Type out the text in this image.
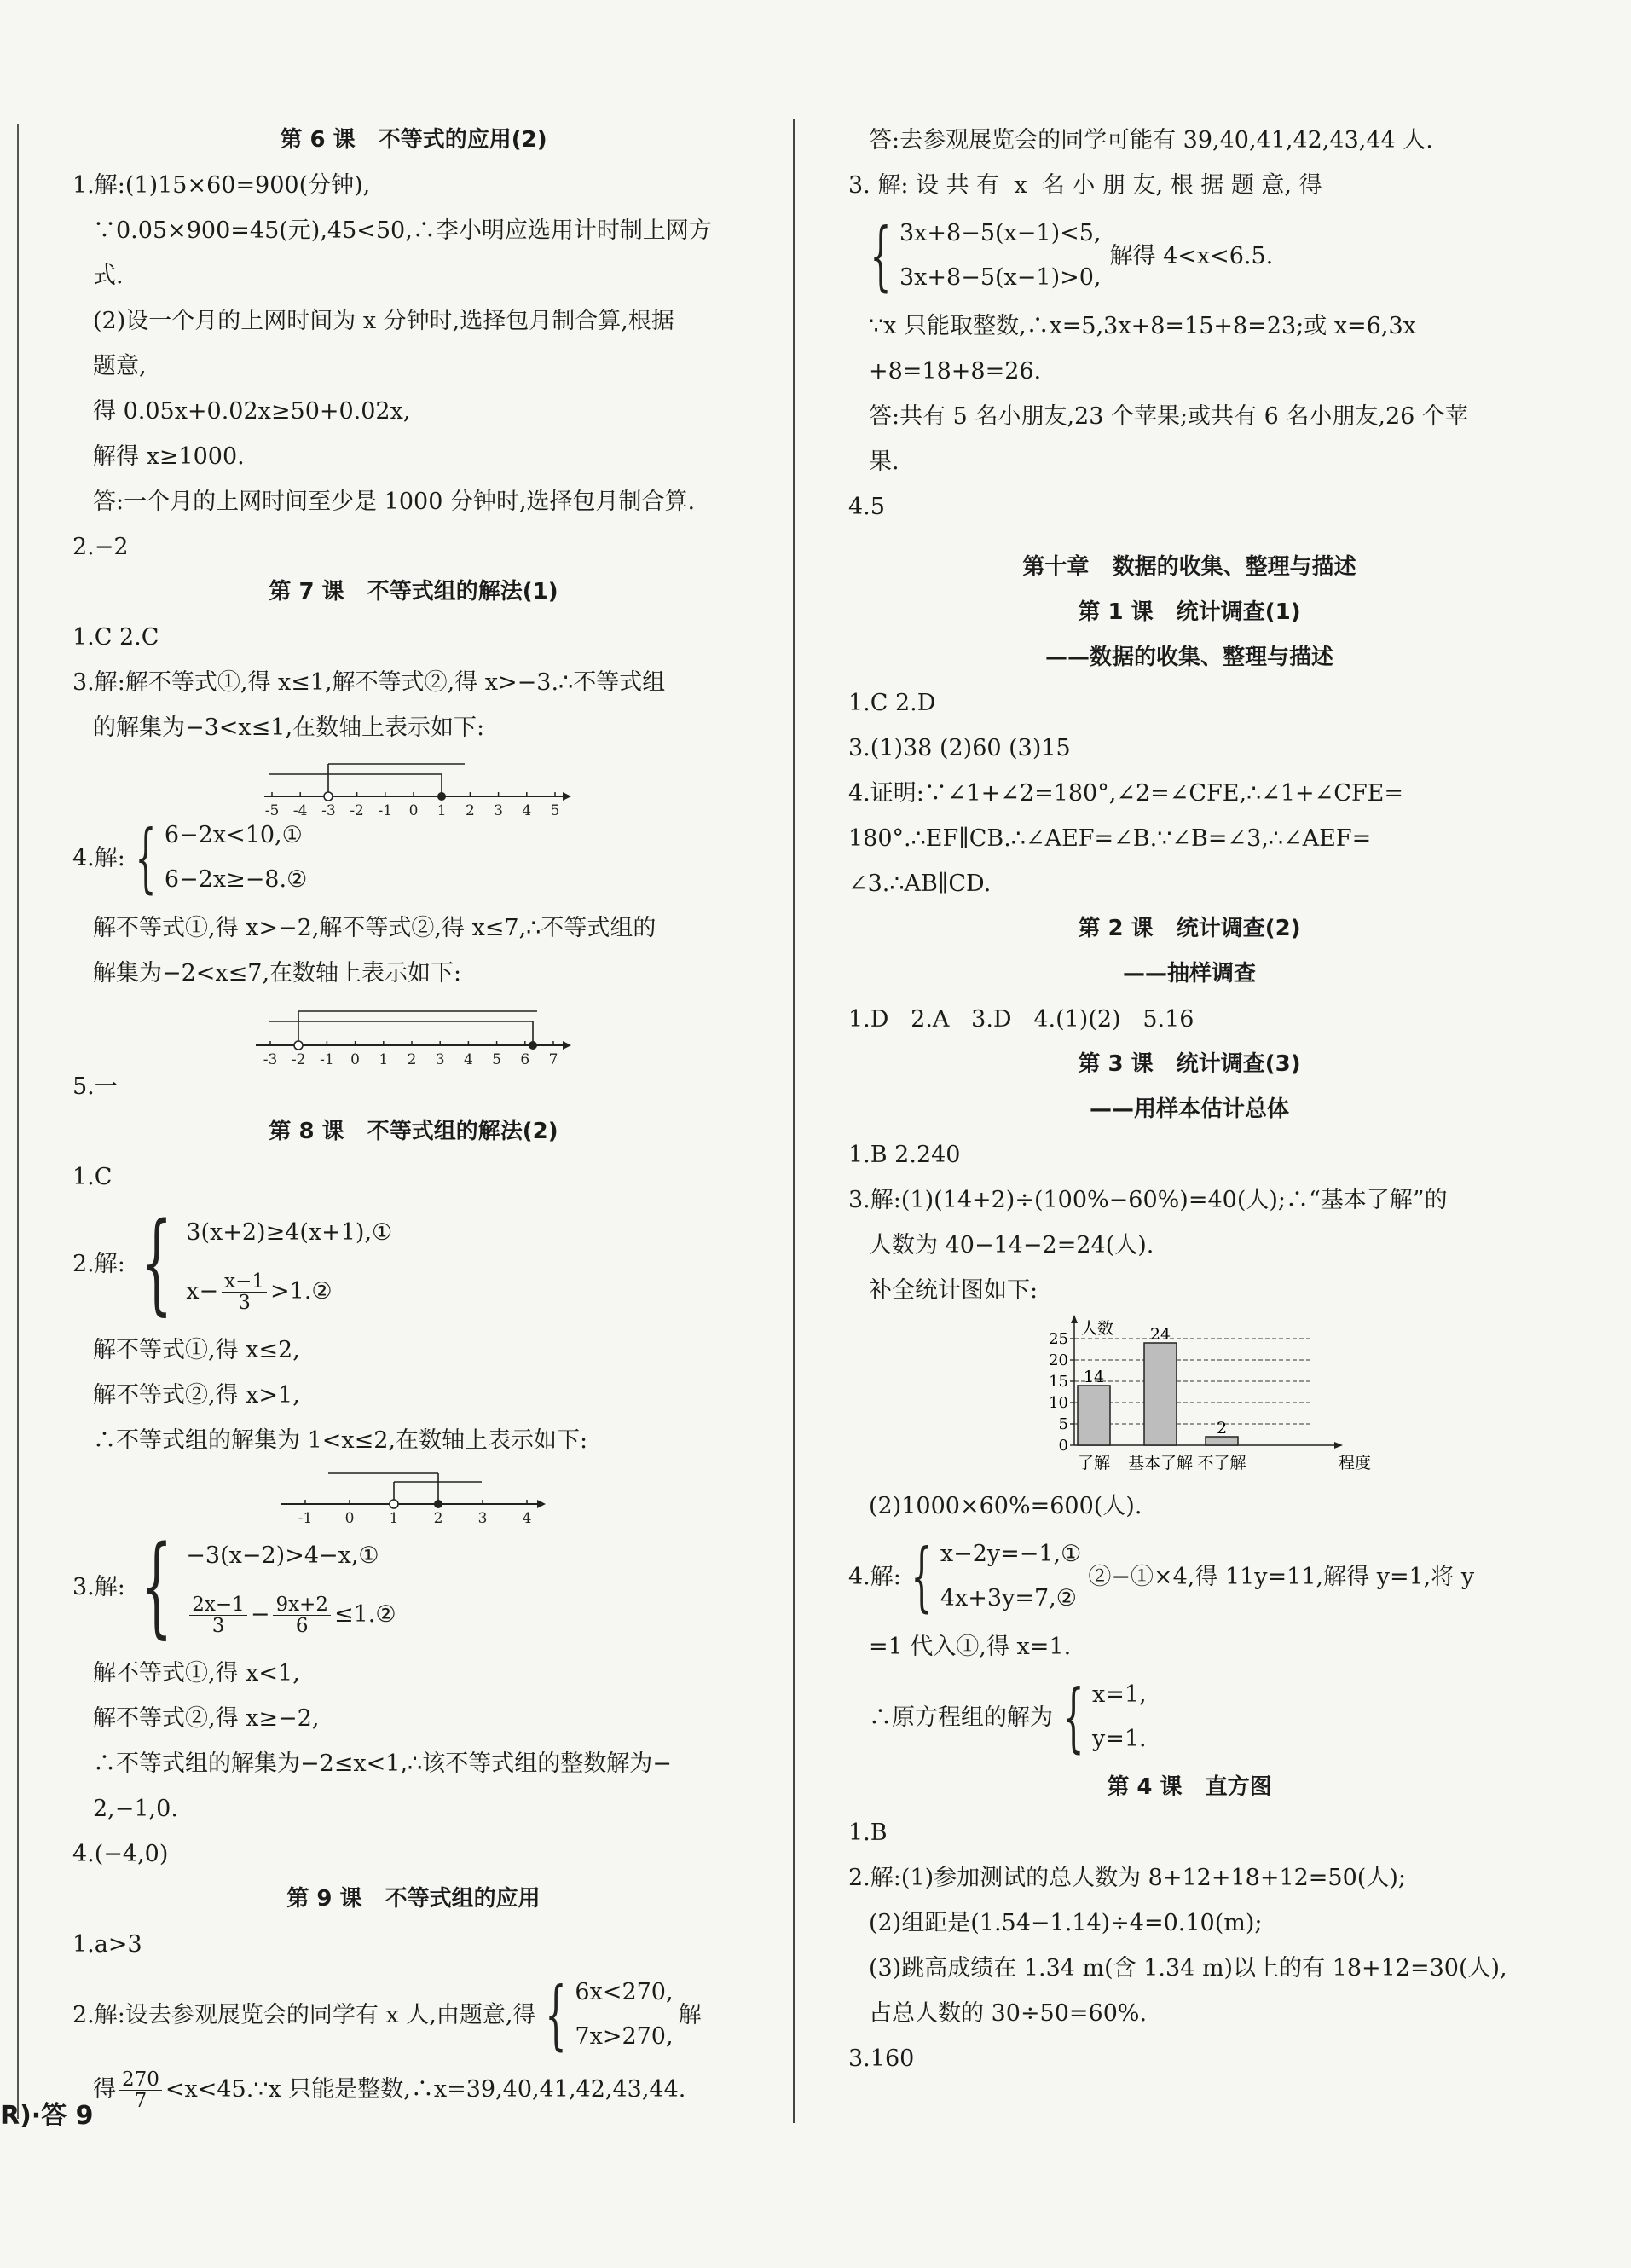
第 6 课   不等式的应用(2)
1.解:(1)15×60=900(分钟),
∵0.05×900=45(元),45<50,∴李小明应选用计时制上网方
式.
(2)设一个月的上网时间为 x 分钟时,选择包月制合算,根据
题意,
得 0.05x+0.02x≥50+0.02x,
解得 x≥1000.
答:一个月的上网时间至少是 1000 分钟时,选择包月制合算.
2.−2
第 7 课   不等式组的解法(1)
1.C 2.C
3.解:解不等式①,得 x≤1,解不等式②,得 x>−3.∴不等式组
的解集为−3<x≤1,在数轴上表示如下:
-5 -4 -3 -2 -1 0 1 2 3 4 5
4.解: { 6−2x<10,①
6−2x≥−8.②
解不等式①,得 x>−2,解不等式②,得 x≤7,∴不等式组的
解集为−2<x≤7,在数轴上表示如下:
-3 -2 -1 0 1 2 3 4 5 6 7
5.一
第 8 课   不等式组的解法(2)
1.C
2.解: { 3(x+2)≥4(x+1),①
$x- \frac{x-1}{3}$ >1.②
解不等式①,得 x≤2,
解不等式②,得 x>1,
∴不等式组的解集为 1<x≤2,在数轴上表示如下:
-1 0 1 2 3 4
3.解: { −3(x−2)>4−x,①
$\frac{2x-1}{3} - \frac{9x+2}{6}$ ≤1.②
解不等式①,得 x<1,
解不等式②,得 x≥−2,
∴不等式组的解集为−2≤x<1,∴该不等式组的整数解为−
2,−1,0.
4.(−4,0)
第 9 课   不等式组的应用
1.a>3
2.解:设去参观展览会的同学有 x 人,由题意,得 { 6x<270,
7x>270,
解
得 $\frac{270}{7}$ <x<45.∵x 只能是整数,∴x=39,40,41,42,43,44.
答:去参观展览会的同学可能有 39,40,41,42,43,44 人.
3. 解: 设 共 有  x  名 小 朋 友, 根 据 题 意, 得
{ 3x+8−5(x−1)<5,
3x+8−5(x−1)>0,
解得 4<x<6.5.
∵x 只能取整数,∴x=5,3x+8=15+8=23;或 x=6,3x
+8=18+8=26.
答:共有 5 名小朋友,23 个苹果;或共有 6 名小朋友,26 个苹
果.
4.5
第十章   数据的收集、整理与描述
第 1 课   统计调查(1)
——数据的收集、整理与描述
1.C 2.D
3.(1)38 (2)60 (3)15
4.证明:∵∠1+∠2=180°,∠2=∠CFE,∴∠1+∠CFE=
180°.∴EF∥CB.∴∠AEF=∠B.∵∠B=∠3,∴∠AEF=
∠3.∴AB∥CD.
第 2 课   统计调查(2)
——抽样调查
1.D   2.A   3.D   4.(1)(2)   5.16
第 3 课   统计调查(3)
——用样本估计总体
1.B 2.240
3.解:(1)(14+2)÷(100%−60%)=40(人);∴“基本了解”的
人数为 40−14−2=24(人).
补全统计图如下:
0
5
10
15
20
25
人数
程度
14
了解
24
基本了解
2
不了解
(2)1000×60%=600(人).
4.解: { x−2y=−1,①
4x+3y=7,②
②−①×4,得 11y=11,解得 y=1,将 y
=1 代入①,得 x=1.
∴原方程组的解为 { x=1,
y=1.
第 4 课   直方图
1.B
2.解:(1)参加测试的总人数为 8+12+18+12=50(人);
(2)组距是(1.54−1.14)÷4=0.10(m);
(3)跳高成绩在 1.34 m(含 1.34 m)以上的有 18+12=30(人),
占总人数的 30÷50=60%.
3.160
R)·答 9
